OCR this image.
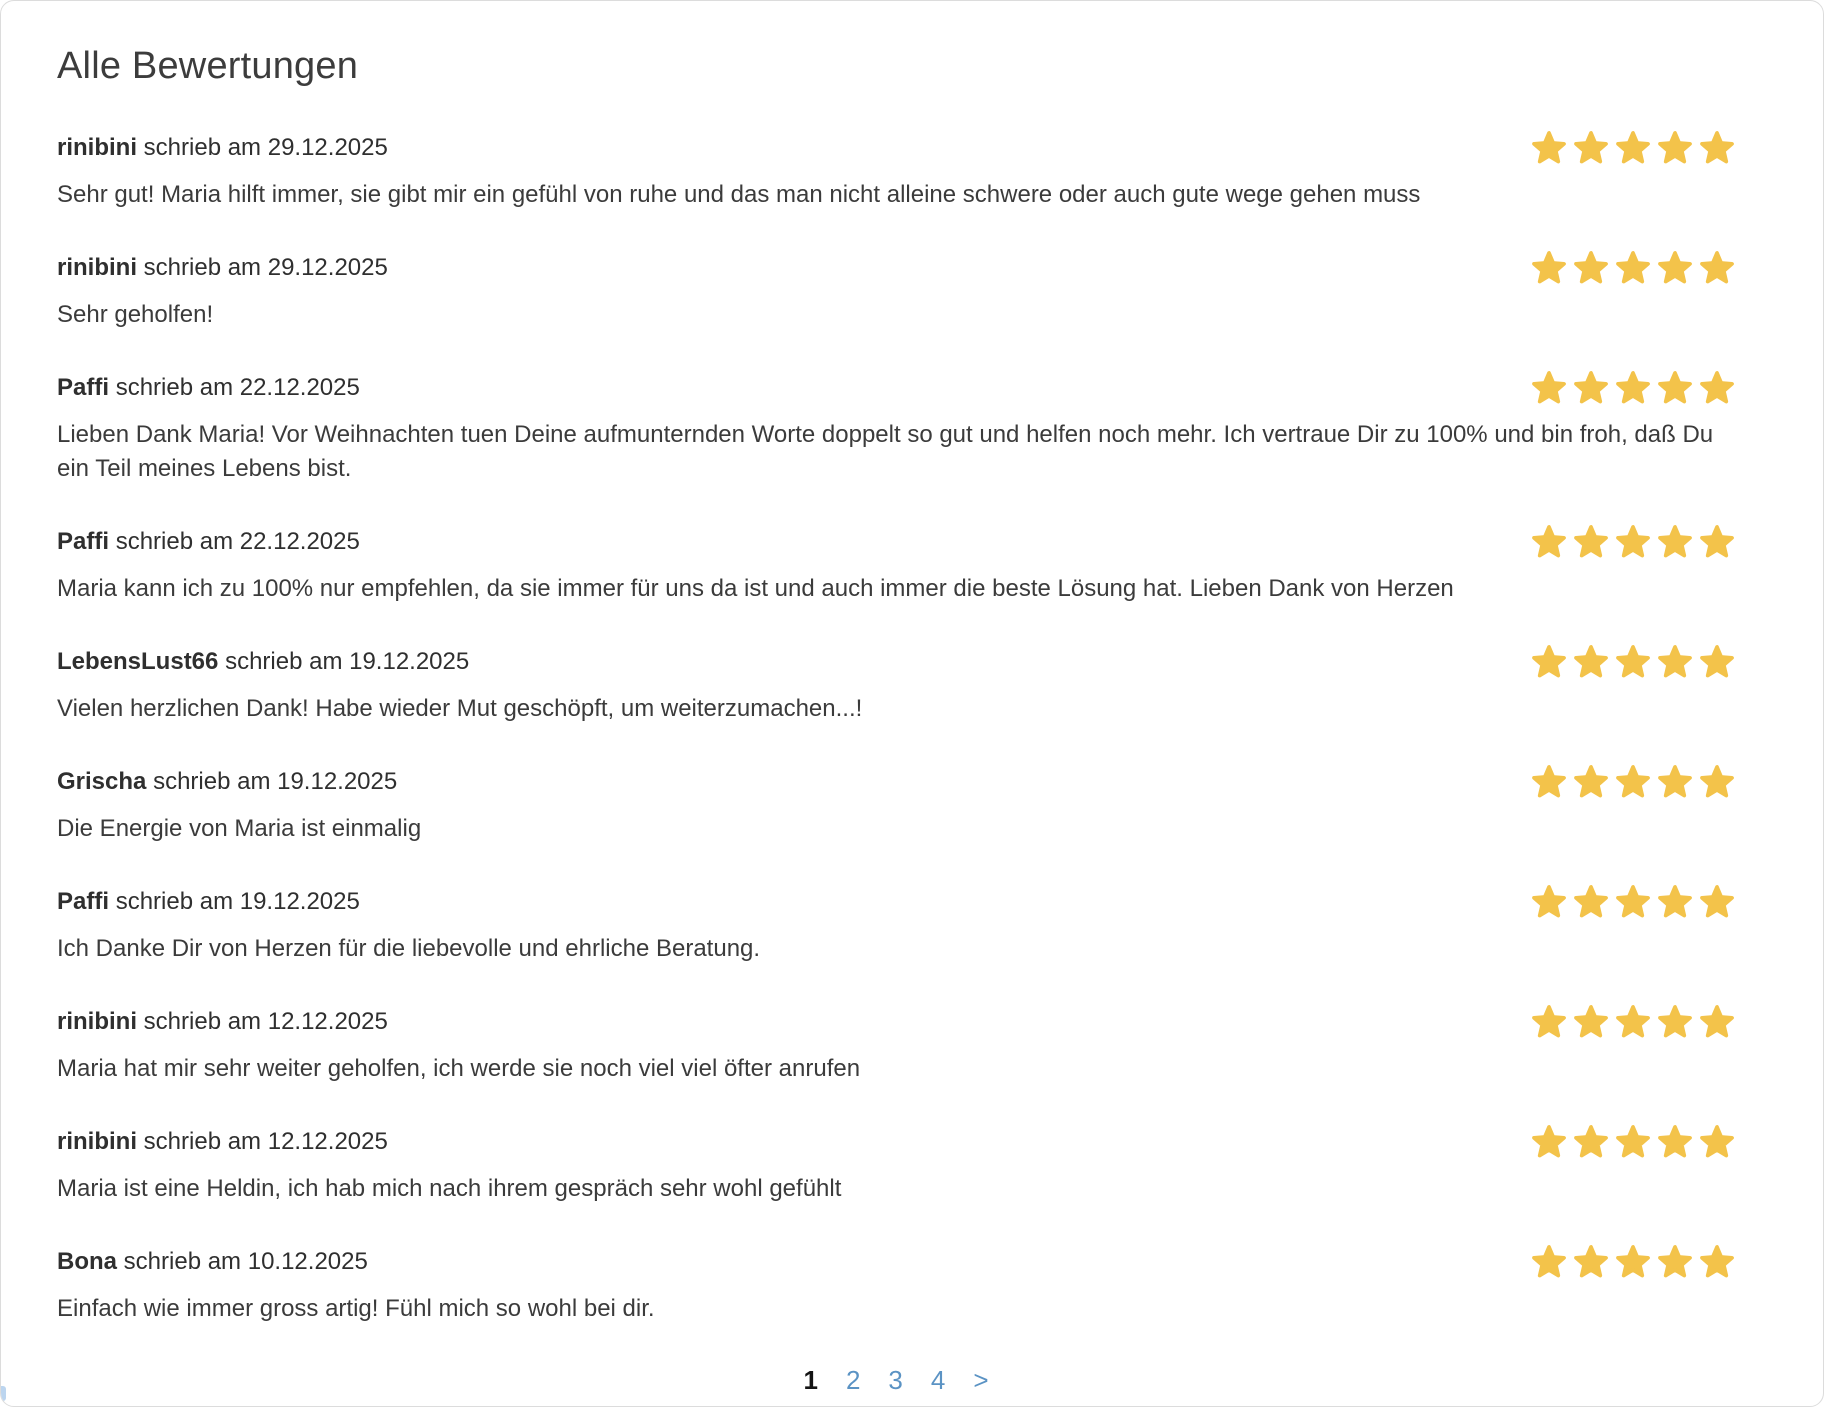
Alle Bewertungen
rinibini schrieb am 29.12.2025
Sehr gut! Maria hilft immer, sie gibt mir ein gefühl von ruhe und das man nicht alleine schwere oder auch gute wege gehen muss
rinibini schrieb am 29.12.2025
Sehr geholfen!
Paffi schrieb am 22.12.2025
Lieben Dank Maria! Vor Weihnachten tuen Deine aufmunternden Worte doppelt so gut und helfen noch mehr. Ich vertraue Dir zu 100% und bin froh, daß Du ein Teil meines Lebens bist.
Paffi schrieb am 22.12.2025
Maria kann ich zu 100% nur empfehlen, da sie immer für uns da ist und auch immer die beste Lösung hat. Lieben Dank von Herzen
LebensLust66 schrieb am 19.12.2025
Vielen herzlichen Dank! Habe wieder Mut geschöpft, um weiterzumachen...!
Grischa schrieb am 19.12.2025
Die Energie von Maria ist einmalig
Paffi schrieb am 19.12.2025
Ich Danke Dir von Herzen für die liebevolle und ehrliche Beratung.
rinibini schrieb am 12.12.2025
Maria hat mir sehr weiter geholfen, ich werde sie noch viel viel öfter anrufen
rinibini schrieb am 12.12.2025
Maria ist eine Heldin, ich hab mich nach ihrem gespräch sehr wohl gefühlt
Bona schrieb am 10.12.2025
Einfach wie immer gross artig! Fühl mich so wohl bei dir.
1 2 3 4 >
